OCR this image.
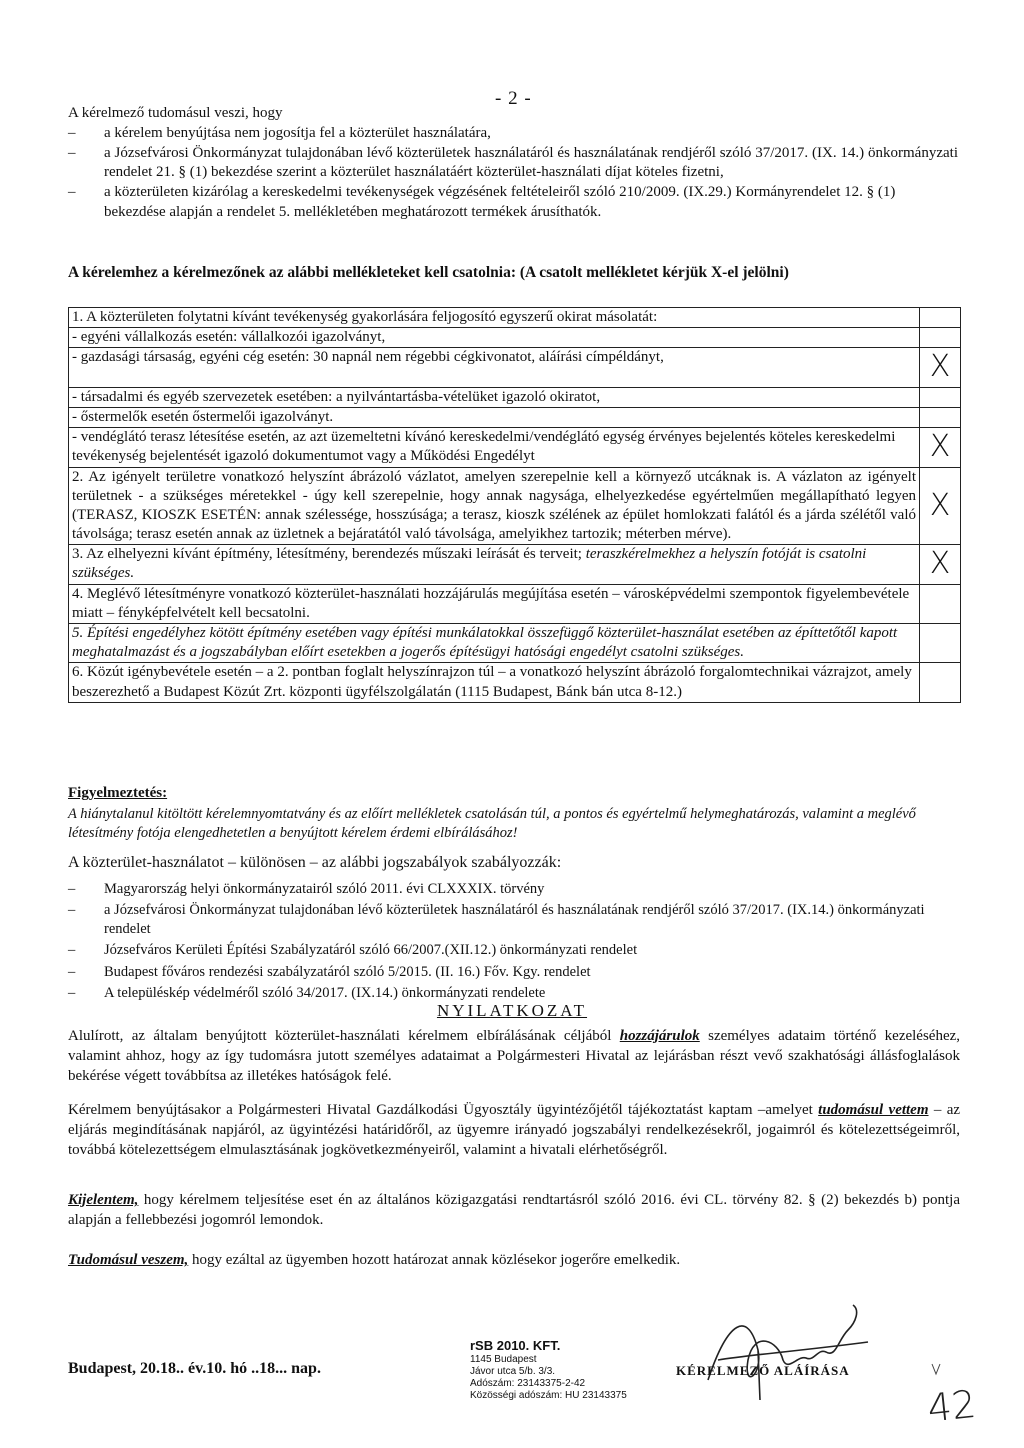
- 2 -
A kérelmező tudomásul veszi, hogy
– a kérelem benyújtása nem jogosítja fel a közterület használatára,
– a Józsefvárosi Önkormányzat tulajdonában lévő közterületek használatáról és használatának rendjéről szóló 37/2017. (IX. 14.) önkormányzati rendelet 21. § (1) bekezdése szerint a közterület használatáért közterület-használati díjat köteles fizetni,
– a közterületen kizárólag a kereskedelmi tevékenységek végzésének feltételeiről szóló 210/2009. (IX.29.) Kormányrendelet 12. § (1) bekezdése alapján a rendelet 5. mellékletében meghatározott termékek árusíthatók.
A kérelemhez a kérelmezőnek az alábbi mellékleteket kell csatolnia: (A csatolt mellékletet kérjük X-el jelölni)
1. A közterületen folytatni kívánt tevékenység gyakorlására feljogosító egyszerű okirat másolatát:	
- egyéni vállalkozás esetén: vállalkozói igazolványt,	
- gazdasági társaság, egyéni cég esetén: 30 napnál nem régebbi cégkivonatot, aláírási címpéldányt,	X
- társadalmi és egyéb szervezetek esetében: a nyilvántartásba-vételüket igazoló okiratot,	
- őstermelők esetén őstermelői igazolványt.	
- vendéglátó terasz létesítése esetén, az azt üzemeltetni kívánó kereskedelmi/vendéglátó egység érvényes bejelentés köteles kereskedelmi tevékenység bejelentését igazoló dokumentumot vagy a Működési Engedélyt	X
2. Az igényelt területre vonatkozó helyszínt ábrázoló vázlatot, amelyen szerepelnie kell a környező utcáknak is. A vázlaton az igényelt területnek - a szükséges méretekkel - úgy kell szerepelnie, hogy annak nagysága, elhelyezkedése egyértelműen megállapítható legyen (TERASZ, KIOSZK ESETÉN: annak szélessége, hosszúsága; a terasz, kioszk szélének az épület homlokzati falától és a járda szélétől való távolsága; terasz esetén annak az üzletnek a bejáratától való távolsága, amelyikhez tartozik; méterben mérve).	X
3. Az elhelyezni kívánt építmény, létesítmény, berendezés műszaki leírását és terveit; teraszkérelmekhez a helyszín fotóját is csatolni szükséges.	X
4. Meglévő létesítményre vonatkozó közterület-használati hozzájárulás megújítása esetén – városképvédelmi szempontok figyelembevétele miatt – fényképfelvételt kell becsatolni.	
5. Építési engedélyhez kötött építmény esetében vagy építési munkálatokkal összefüggő közterület-használat esetében az építtetőtől kapott meghatalmazást és a jogszabályban előírt esetekben a jogerős építésügyi hatósági engedélyt csatolni szükséges.	
6. Közút igénybevétele esetén – a 2. pontban foglalt helyszínrajzon túl – a vonatkozó helyszínt ábrázoló forgalomtechnikai vázrajzot, amely beszerezhető a Budapest Közút Zrt. központi ügyfélszolgálatán (1115 Budapest, Bánk bán utca 8-12.)	
Figyelmeztetés:
A hiánytalanul kitöltött kérelemnyomtatvány és az előírt mellékletek csatolásán túl, a pontos és egyértelmű helymeghatározás, valamint a meglévő létesítmény fotója elengedhetetlen a benyújtott kérelem érdemi elbírálásához!
A közterület-használatot – különösen – az alábbi jogszabályok szabályozzák:
– Magyarország helyi önkormányzatairól szóló 2011. évi CLXXXIX. törvény
– a Józsefvárosi Önkormányzat tulajdonában lévő közterületek használatáról és használatának rendjéről szóló 37/2017. (IX.14.) önkormányzati rendelet
– Józsefváros Kerületi Építési Szabályzatáról szóló 66/2007.(XII.12.) önkormányzati rendelet
– Budapest főváros rendezési szabályzatáról szóló 5/2015. (II. 16.) Főv. Kgy. rendelet
– A településkép védelméről szóló 34/2017. (IX.14.) önkormányzati rendelete
NYILATKOZAT
Alulírott, az általam benyújtott közterület-használati kérelmem elbírálásának céljából hozzájárulok személyes adataim történő kezeléséhez, valamint ahhoz, hogy az így tudomásra jutott személyes adataimat a Polgármesteri Hivatal az lejárásban részt vevő szakhatósági állásfoglalások bekérése végett továbbítsa az illetékes hatóságok felé.
Kérelmem benyújtásakor a Polgármesteri Hivatal Gazdálkodási Ügyosztály ügyintézőjétől tájékoztatást kaptam –amelyet tudomásul vettem – az eljárás megindításának napjáról, az ügyintézési határidőről, az ügyemre irányadó jogszabályi rendelkezésekről, jogaimról és kötelezettségeimről, továbbá kötelezettségem elmulasztásának jogkövetkezményeiről, valamint a hivatali elérhetőségről.
Kijelentem, hogy kérelmem teljesítése eset én az általános közigazgatási rendtartásról szóló 2016. évi CL. törvény 82. § (2) bekezdés b) pontja alapján a fellebbezési jogomról lemondok.
Tudomásul veszem, hogy ezáltal az ügyemben hozott határozat annak közlésekor jogerőre emelkedik.
Budapest, 20.18.. év.10. hó ..18... nap.
rSB 2010. KFT.
1145 Budapest
Jávor utca 5/b. 3/3.
Adószám: 23143375-2-42
Közösségi adószám: HU 23143375
KÉRELMEZŐ ALÁÍRÁSA
42
